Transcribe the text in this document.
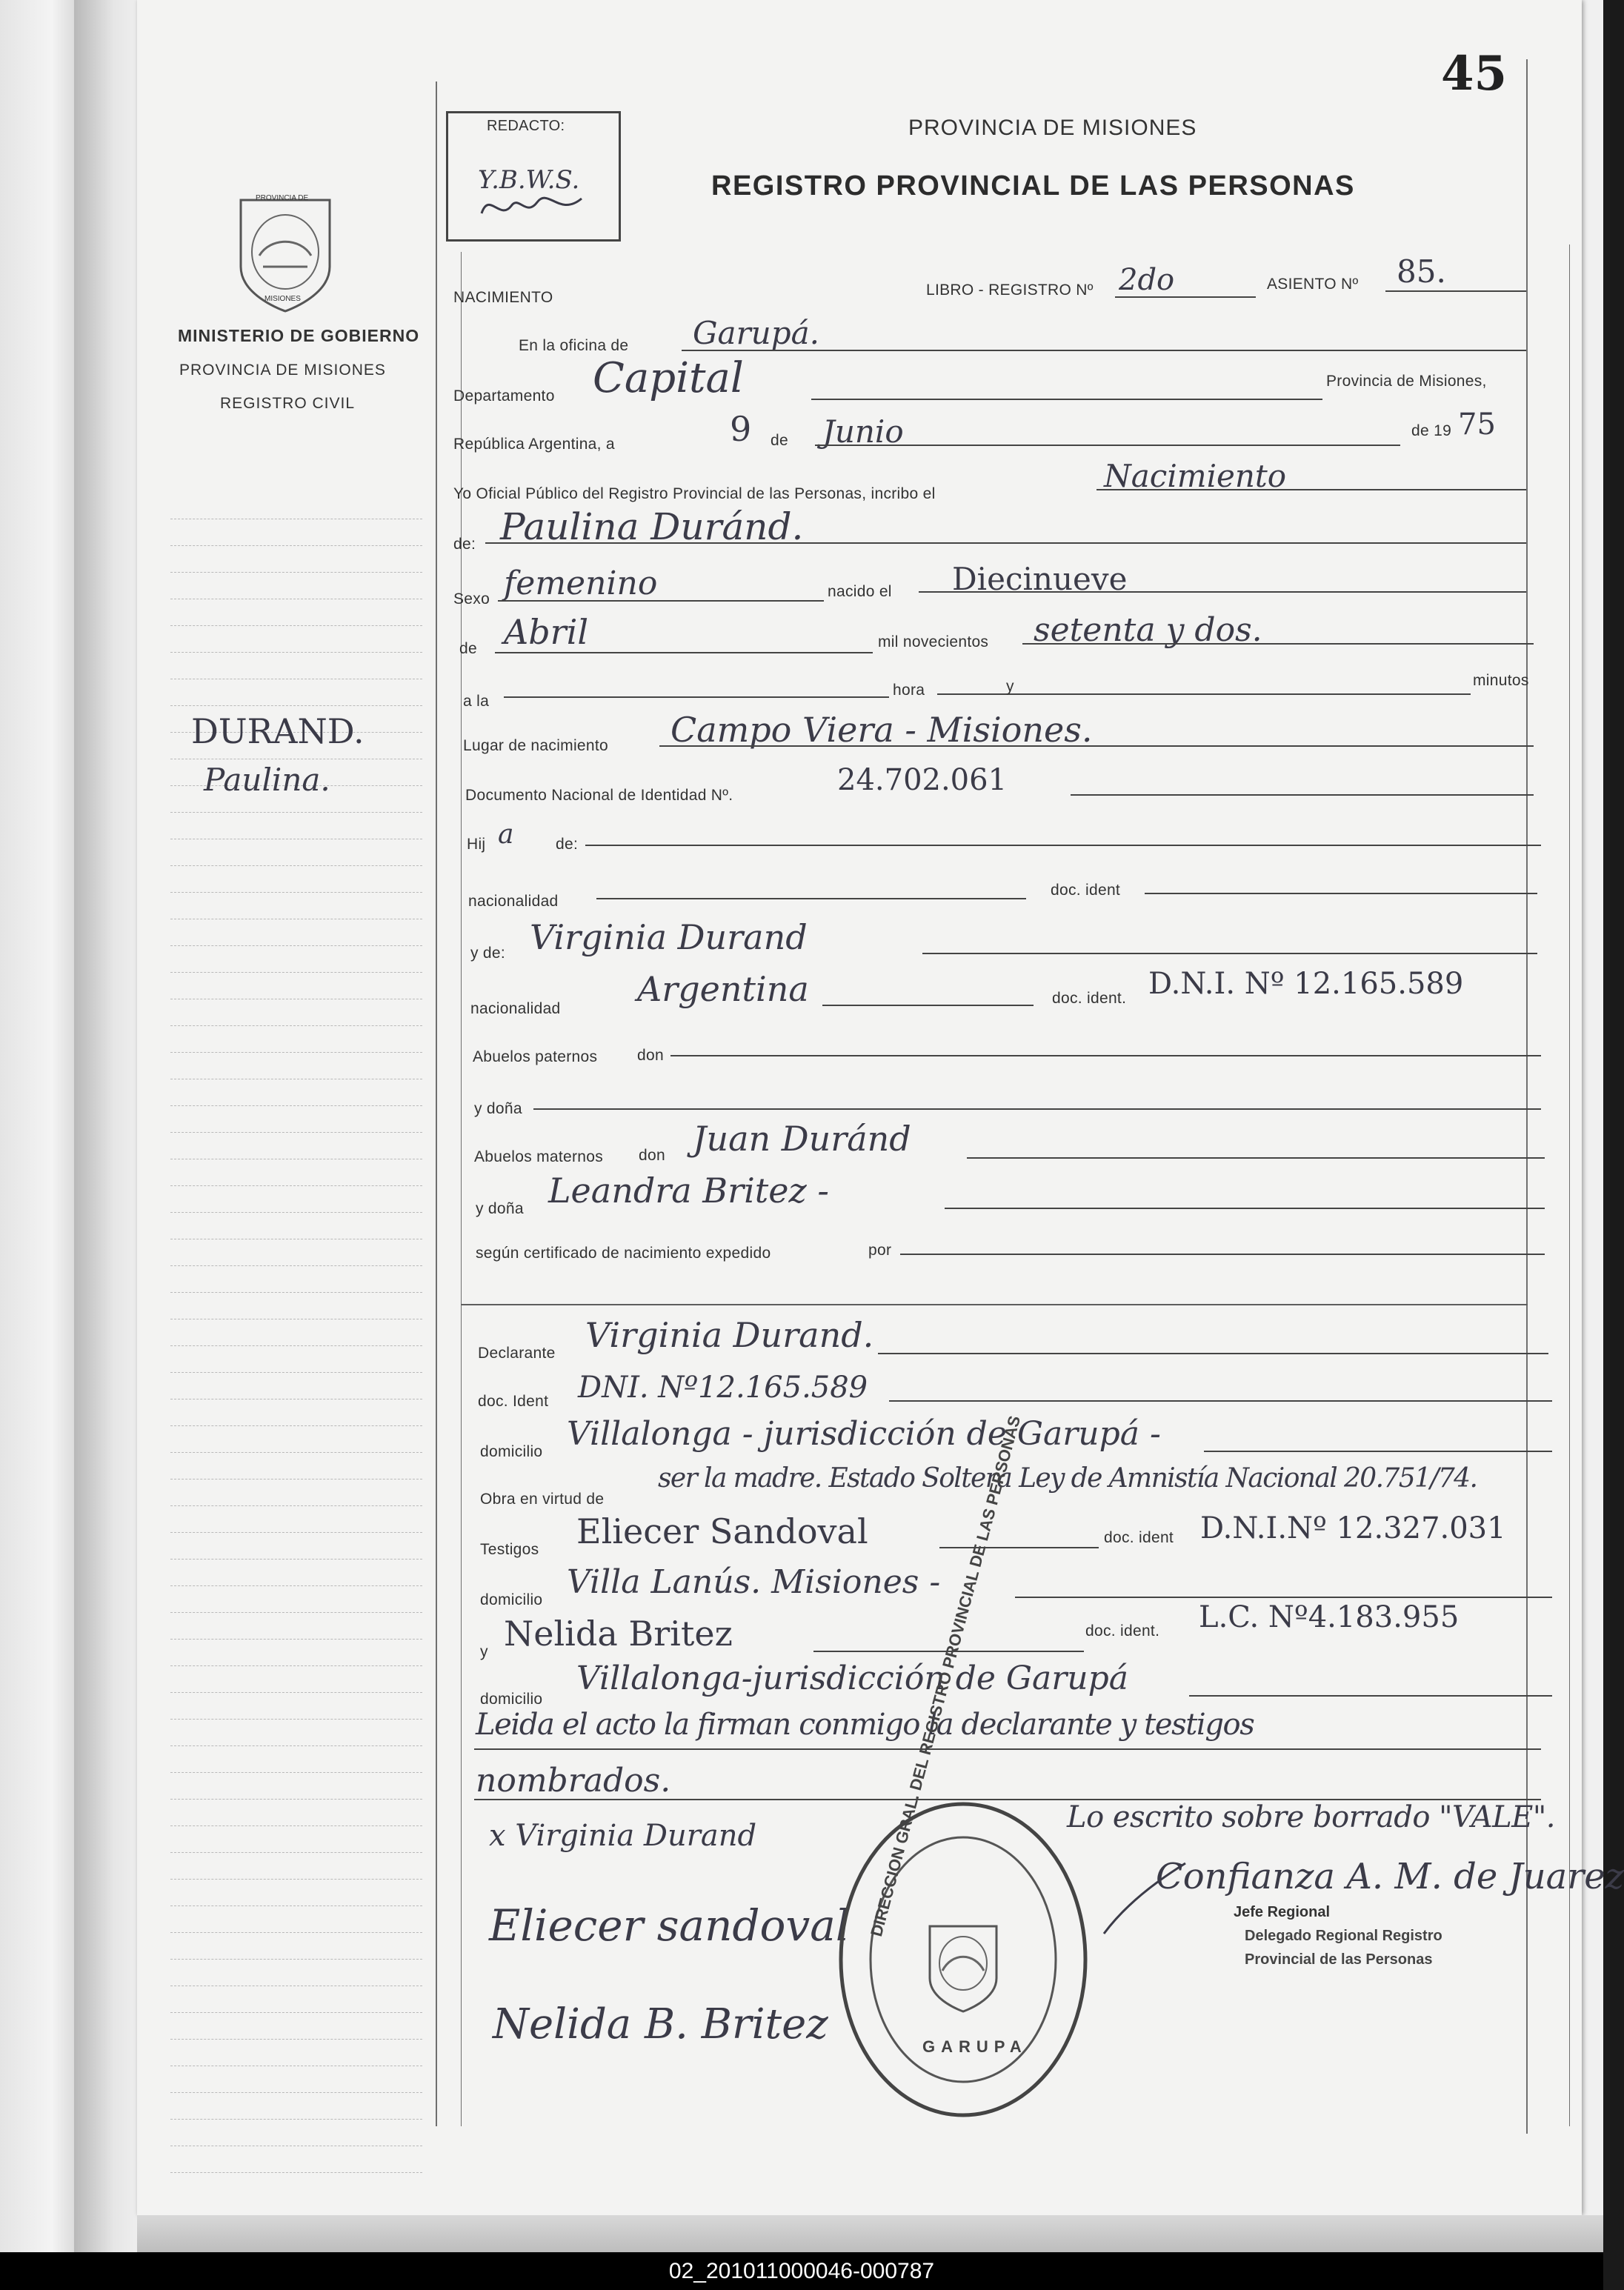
45
REDACTO:
Y.B.W.S.
PROVINCIA DE MISIONES
REGISTRO PROVINCIAL DE LAS PERSONAS
PROVINCIA DE
MISIONES
MINISTERIO DE GOBIERNO
PROVINCIA DE MISIONES
REGISTRO CIVIL
DURAND.
Paulina.
NACIMIENTO	LIBRO - REGISTRO Nº 2do	ASIENTO Nº 85.
En la oficina de Garupá.
Departamento Capital	Provincia de Misiones,
República Argentina, a	9 de Junio	de 19 75
Yo Oficial Público del Registro Provincial de las Personas, incribo el	Nacimiento
de: Paulina Duránd.
Sexo femenino	nacido el Diecinueve
de Abril	mil novecientos setenta y dos.
a la
hora	y	minutos
Lugar de nacimiento Campo Viera - Misiones.
Documento Nacional de Identidad Nº.	24.702.061
Hij a	de:
nacionalidad
doc. ident
y de: Virginia Durand
nacionalidad Argentina	doc. ident. D.N.I. Nº 12.165.589
Abuelos paternos	don
y doña
Abuelos maternos don Juan Duránd
y doña Leandra Britez -
según certificado de nacimiento expedido	por
Declarante Virginia Durand.
doc. Ident DNI. Nº12.165.589
domicilio Villalonga - jurisdicción de Garupá -
Obra en virtud de
ser la madre. Estado Soltera Ley de Amnistía Nacional 20.751/74.
Testigos Eliecer Sandoval	doc. ident D.N.I.Nº 12.327.031
domicilio Villa Lanús. Misiones -
y Nelida Britez	doc. ident. L.C. Nº4.183.955
domicilio
Villalonga-jurisdicción de Garupá
Leida el acto la firman conmigo la declarante y testigos
nombrados.
x Virginia Durand
Eliecer sandoval
Nelida B. Britez
DIRECCION GRAL. DEL REGISTRO PROVINCIAL DE LAS PERSONAS
GARUPA
Lo escrito sobre borrado "VALE".
Confianza A. M. de Juarez
Jefe Regional
Delegado Regional Registro
Provincial de las Personas
02_201011000046-000787
